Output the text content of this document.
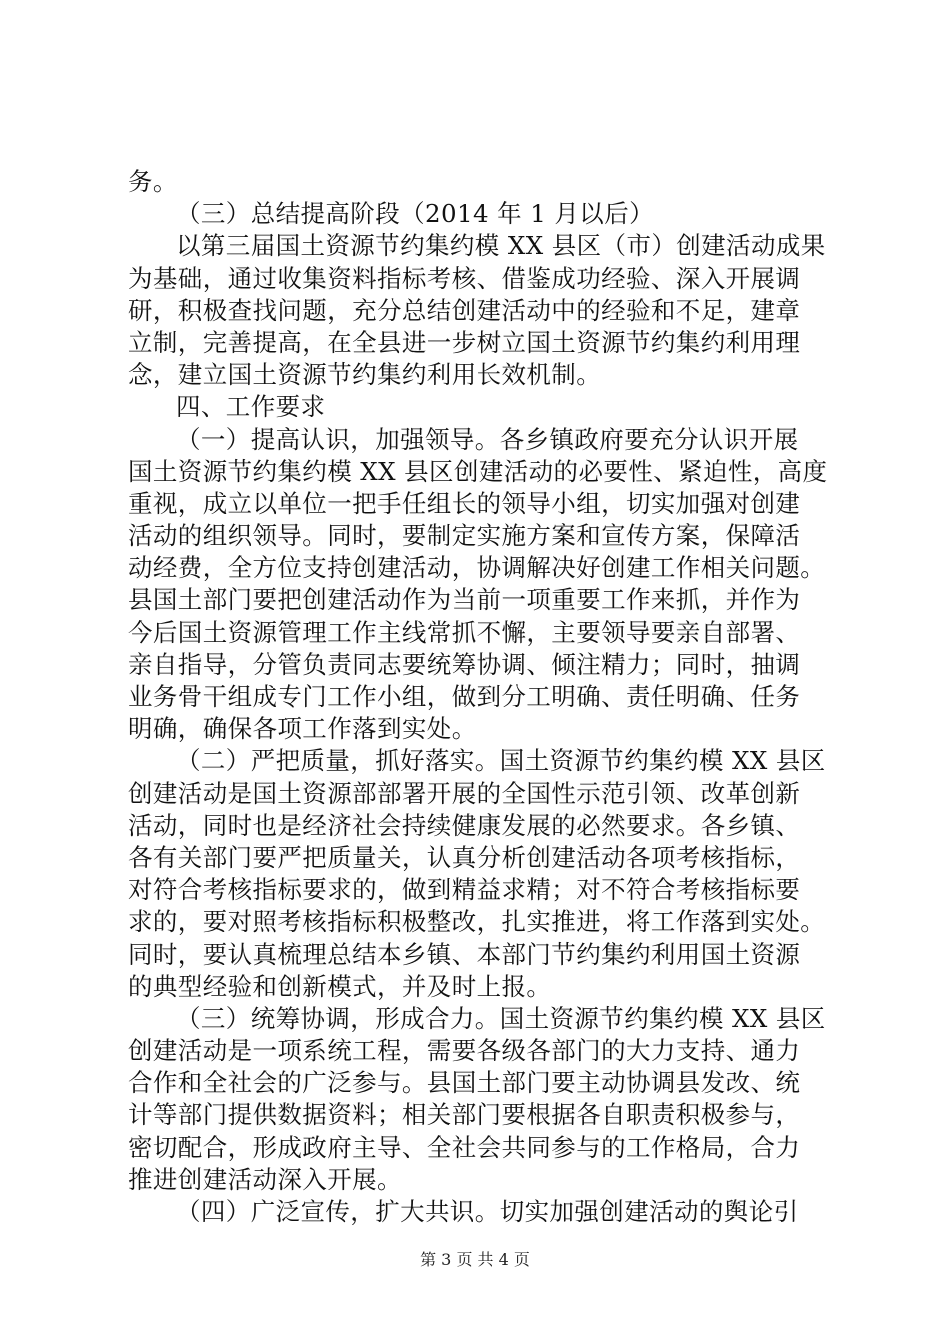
务。
（三）总结提高阶段（2014 年 1 月以后）
以第三届国土资源节约集约模 XX 县区（市）创建活动成果
为基础，通过收集资料指标考核、借鉴成功经验、深入开展调
研，积极查找问题，充分总结创建活动中的经验和不足，建章
立制，完善提高，在全县进一步树立国土资源节约集约利用理
念，建立国土资源节约集约利用长效机制。
四、工作要求
（一）提高认识，加强领导。各乡镇政府要充分认识开展
国土资源节约集约模 XX 县区创建活动的必要性、紧迫性，高度
重视，成立以单位一把手任组长的领导小组，切实加强对创建
活动的组织领导。同时，要制定实施方案和宣传方案，保障活
动经费，全方位支持创建活动，协调解决好创建工作相关问题。
县国土部门要把创建活动作为当前一项重要工作来抓，并作为
今后国土资源管理工作主线常抓不懈，主要领导要亲自部署、
亲自指导，分管负责同志要统筹协调、倾注精力；同时，抽调
业务骨干组成专门工作小组，做到分工明确、责任明确、任务
明确，确保各项工作落到实处。
（二）严把质量，抓好落实。国土资源节约集约模 XX 县区
创建活动是国土资源部部署开展的全国性示范引领、改革创新
活动，同时也是经济社会持续健康发展的必然要求。各乡镇、
各有关部门要严把质量关，认真分析创建活动各项考核指标，
对符合考核指标要求的，做到精益求精；对不符合考核指标要
求的，要对照考核指标积极整改，扎实推进，将工作落到实处。
同时，要认真梳理总结本乡镇、本部门节约集约利用国土资源
的典型经验和创新模式，并及时上报。
（三）统筹协调，形成合力。国土资源节约集约模 XX 县区
创建活动是一项系统工程，需要各级各部门的大力支持、通力
合作和全社会的广泛参与。县国土部门要主动协调县发改、统
计等部门提供数据资料；相关部门要根据各自职责积极参与，
密切配合，形成政府主导、全社会共同参与的工作格局，合力
推进创建活动深入开展。
（四）广泛宣传，扩大共识。切实加强创建活动的舆论引
第 3 页 共 4 页
